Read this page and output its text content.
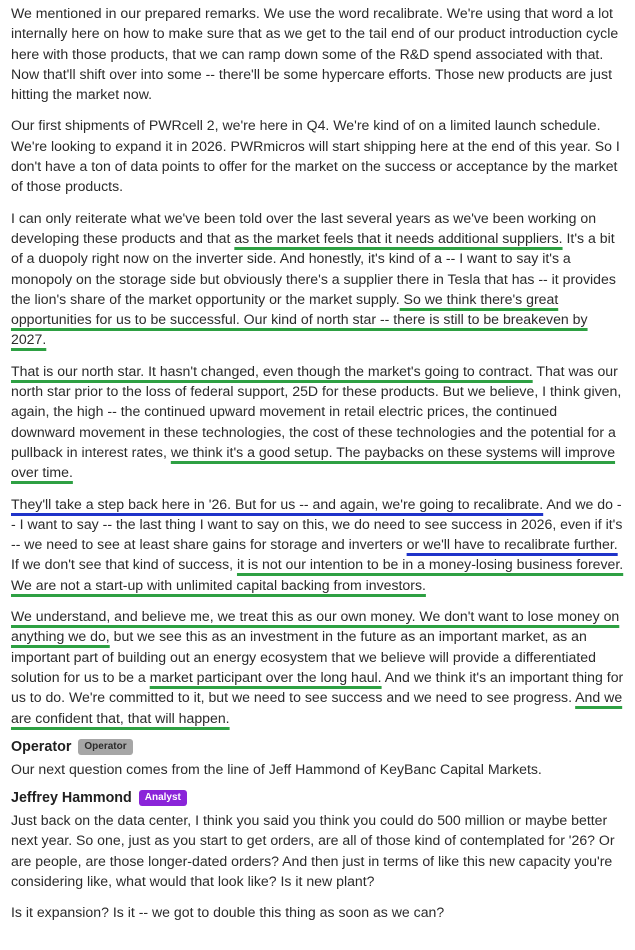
We mentioned in our prepared remarks. We use the word recalibrate. We're using that word a lot internally here on how to make sure that as we get to the tail end of our product introduction cycle here with those products, that we can ramp down some of the R&D spend associated with that. Now that'll shift over into some -- there'll be some hypercare efforts. Those new products are just hitting the market now.

Our first shipments of PWRcell 2, we're here in Q4. We're kind of on a limited launch schedule. We're looking to expand it in 2026. PWRmicros will start shipping here at the end of this year. So I don't have a ton of data points to offer for the market on the success or acceptance by the market of those products.

I can only reiterate what we've been told over the last several years as we've been working on developing these products and that as the market feels that it needs additional suppliers. It's a bit of a duopoly right now on the inverter side. And honestly, it's kind of a -- I want to say it's a monopoly on the storage side but obviously there's a supplier there in Tesla that has -- it provides the lion's share of the market opportunity or the market supply. So we think there's great opportunities for us to be successful. Our kind of north star -- there is still to be breakeven by 2027.

That is our north star. It hasn't changed, even though the market's going to contract. That was our north star prior to the loss of federal support, 25D for these products. But we believe, I think given, again, the high -- the continued upward movement in retail electric prices, the continued downward movement in these technologies, the cost of these technologies and the potential for a pullback in interest rates, we think it's a good setup. The paybacks on these systems will improve over time.

They'll take a step back here in '26. But for us -- and again, we're going to recalibrate. And we do -- I want to say -- the last thing I want to say on this, we do need to see success in 2026, even if it's -- we need to see at least share gains for storage and inverters or we'll have to recalibrate further. If we don't see that kind of success, it is not our intention to be in a money-losing business forever. We are not a start-up with unlimited capital backing from investors.

We understand, and believe me, we treat this as our own money. We don't want to lose money on anything we do, but we see this as an investment in the future as an important market, as an important part of building out an energy ecosystem that we believe will provide a differentiated solution for us to be a market participant over the long haul. And we think it's an important thing for us to do. We're committed to it, but we need to see success and we need to see progress. And we are confident that, that will happen.

Operator	Operator

Our next question comes from the line of Jeff Hammond of KeyBanc Capital Markets.

Jeffrey Hammond	Analyst

Just back on the data center, I think you said you think you could do 500 million or maybe better next year. So one, just as you start to get orders, are all of those kind of contemplated for '26? Or are people, are those longer-dated orders? And then just in terms of like this new capacity you're considering like, what would that look like? Is it new plant?

Is it expansion? Is it -- we got to double this thing as soon as we can?
